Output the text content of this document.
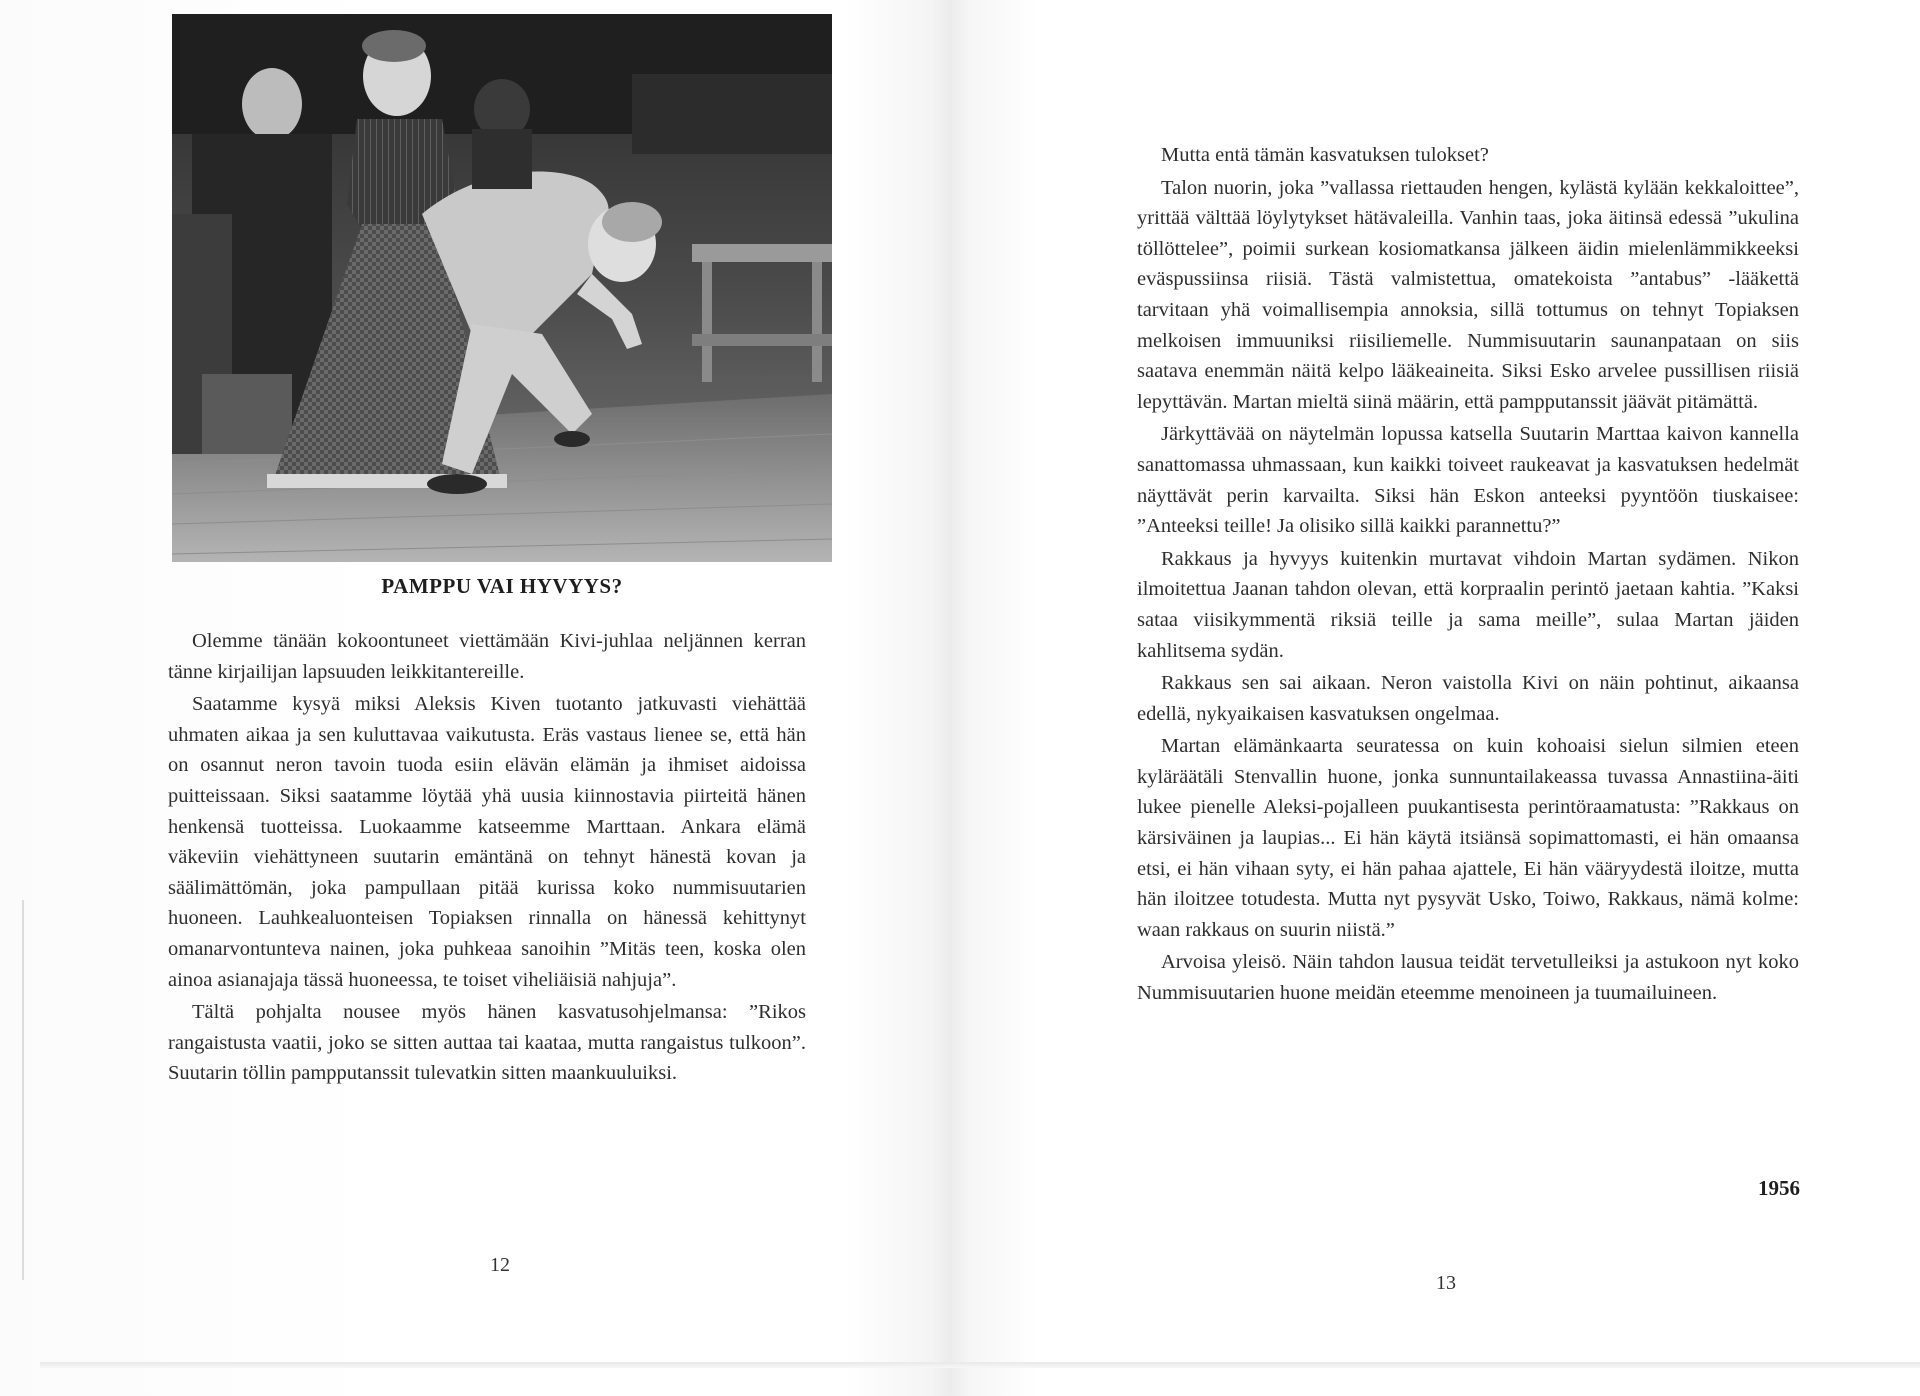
PAMPPU VAI HYVYYS?

Olemme tänään kokoontuneet viettämään Kivi-juhlaa neljännen kerran tänne kirjailijan lapsuuden leikkitantereille.

Saatamme kysyä miksi Aleksis Kiven tuotanto jatkuvasti viehättää uhmaten aikaa ja sen kuluttavaa vaikutusta. Eräs vastaus lienee se, että hän on osannut neron tavoin tuoda esiin elävän elämän ja ihmiset aidoissa puitteissaan. Siksi saatamme löytää yhä uusia kiinnostavia piirteitä hänen henkensä tuotteissa. Luokaamme katseemme Marttaan. Ankara elämä väkeviin viehättyneen suutarin emäntänä on tehnyt hänestä kovan ja säälimättömän, joka pampullaan pitää kurissa koko nummisuutarien huoneen. Lauhkealuonteisen Topiaksen rinnalla on hänessä kehittynyt omanarvontunteva nainen, joka puhkeaa sanoihin ”Mitäs teen, koska olen ainoa asianajaja tässä huoneessa, te toiset viheliäisiä nahjuja”.

Tältä pohjalta nousee myös hänen kasvatusohjelmansa: ”Rikos rangaistusta vaatii, joko se sitten auttaa tai kaataa, mutta rangaistus tulkoon”. Suutarin töllin pampputanssit tulevatkin sitten maankuuluiksi.

12

Mutta entä tämän kasvatuksen tulokset?

Talon nuorin, joka ”vallassa riettauden hengen, kylästä kylään kekkaloittee”, yrittää välttää löylytykset hätävaleilla. Vanhin taas, joka äitinsä edessä ”ukulina töllöttelee”, poimii surkean kosiomatkansa jälkeen äidin mielenlämmikkeeksi eväspussiinsa riisiä. Tästä valmistettua, omatekoista ”antabus” -lääkettä tarvitaan yhä voimallisempia annoksia, sillä tottumus on tehnyt Topiaksen melkoisen immuuniksi riisiliemelle. Nummisuutarin saunanpataan on siis saatava enemmän näitä kelpo lääkeaineita. Siksi Esko arvelee pussillisen riisiä lepyttävän. Martan mieltä siinä määrin, että pampputanssit jäävät pitämättä.

Järkyttävää on näytelmän lopussa katsella Suutarin Marttaa kaivon kannella sanattomassa uhmassaan, kun kaikki toiveet raukeavat ja kasvatuksen hedelmät näyttävät perin karvailta. Siksi hän Eskon anteeksi pyyntöön tiuskaisee: ”Anteeksi teille! Ja olisiko sillä kaikki parannettu?”

Rakkaus ja hyvyys kuitenkin murtavat vihdoin Martan sydämen. Nikon ilmoitettua Jaanan tahdon olevan, että korpraalin perintö jaetaan kahtia. ”Kaksi sataa viisikymmentä riksiä teille ja sama meille”, sulaa Martan jäiden kahlitsema sydän.

Rakkaus sen sai aikaan. Neron vaistolla Kivi on näin pohtinut, aikaansa edellä, nykyaikaisen kasvatuksen ongelmaa.

Martan elämänkaarta seuratessa on kuin kohoaisi sielun silmien eteen kyläräätäli Stenvallin huone, jonka sunnuntailakeassa tuvassa Annastiina-äiti lukee pienelle Aleksi-pojalleen puukantisesta perintöraamatusta: ”Rakkaus on kärsiväinen ja laupias... Ei hän käytä itsiänsä sopimattomasti, ei hän omaansa etsi, ei hän vihaan syty, ei hän pahaa ajattele, Ei hän vääryydestä iloitze, mutta hän iloitzee totudesta. Mutta nyt pysyvät Usko, Toiwo, Rakkaus, nämä kolme: waan rakkaus on suurin niistä.”

Arvoisa yleisö. Näin tahdon lausua teidät tervetulleiksi ja astukoon nyt koko Nummisuutarien huone meidän eteemme menoineen ja tuumailuineen.

1956
13
